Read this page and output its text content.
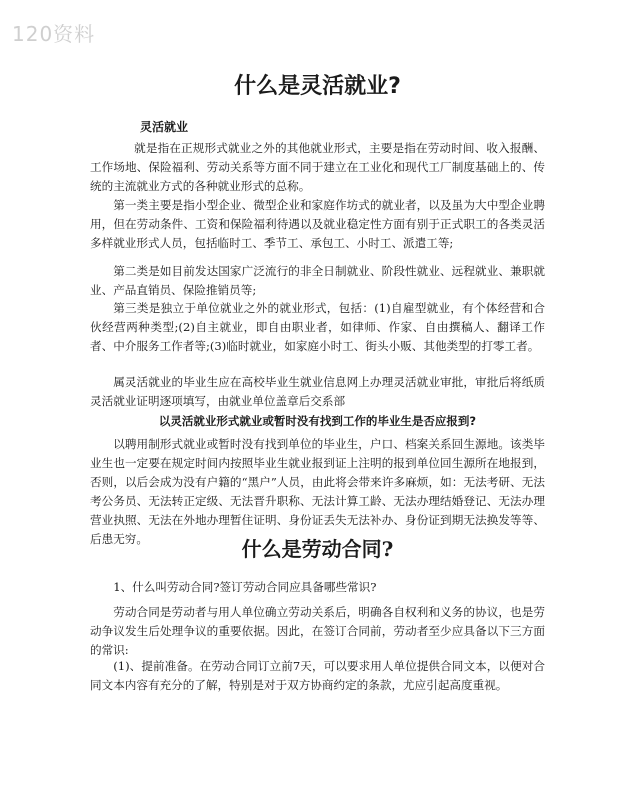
120资料
什么是灵活就业?
灵活就业

就是指在正规形式就业之外的其他就业形式，主要是指在劳动时间、收入报酬、工作场地、保险福利、劳动关系等方面不同于建立在工业化和现代工厂制度基础上的、传统的主流就业方式的各种就业形式的总称。

第一类主要是指小型企业、微型企业和家庭作坊式的就业者，以及虽为大中型企业聘用，但在劳动条件、工资和保险福利待遇以及就业稳定性方面有别于正式职工的各类灵活多样就业形式人员，包括临时工、季节工、承包工、小时工、派遣工等;

第二类是如目前发达国家广泛流行的非全日制就业、阶段性就业、远程就业、兼职就业、产品直销员、保险推销员等;

第三类是独立于单位就业之外的就业形式，包括：(1)自雇型就业，有个体经营和合伙经营两种类型;(2)自主就业，即自由职业者，如律师、作家、自由撰稿人、翻译工作者、中介服务工作者等;(3)临时就业，如家庭小时工、街头小贩、其他类型的打零工者。

属灵活就业的毕业生应在高校毕业生就业信息网上办理灵活就业审批，审批后将纸质灵活就业证明逐项填写，由就业单位盖章后交系部

以灵活就业形式就业或暂时没有找到工作的毕业生是否应报到?

以聘用制形式就业或暂时没有找到单位的毕业生，户口、档案关系回生源地。该类毕业生也一定要在规定时间内按照毕业生就业报到证上注明的报到单位回生源所在地报到，否则，以后会成为没有户籍的“黑户”人员，由此将会带来许多麻烦，如：无法考研、无法考公务员、无法转正定级、无法晋升职称、无法计算工龄、无法办理结婚登记、无法办理营业执照、无法在外地办理暂住证明、身份证丢失无法补办、身份证到期无法换发等等、后患无穷。	什么是劳动合同?

1、什么叫劳动合同?签订劳动合同应具备哪些常识?

劳动合同是劳动者与用人单位确立劳动关系后，明确各自权利和义务的协议，也是劳动争议发生后处理争议的重要依据。因此，在签订合同前，劳动者至少应具备以下三方面的常识:

(1)、提前准备。在劳动合同订立前7天，可以要求用人单位提供合同文本，以便对合同文本内容有充分的了解，特别是对于双方协商约定的条款，尤应引起高度重视。
